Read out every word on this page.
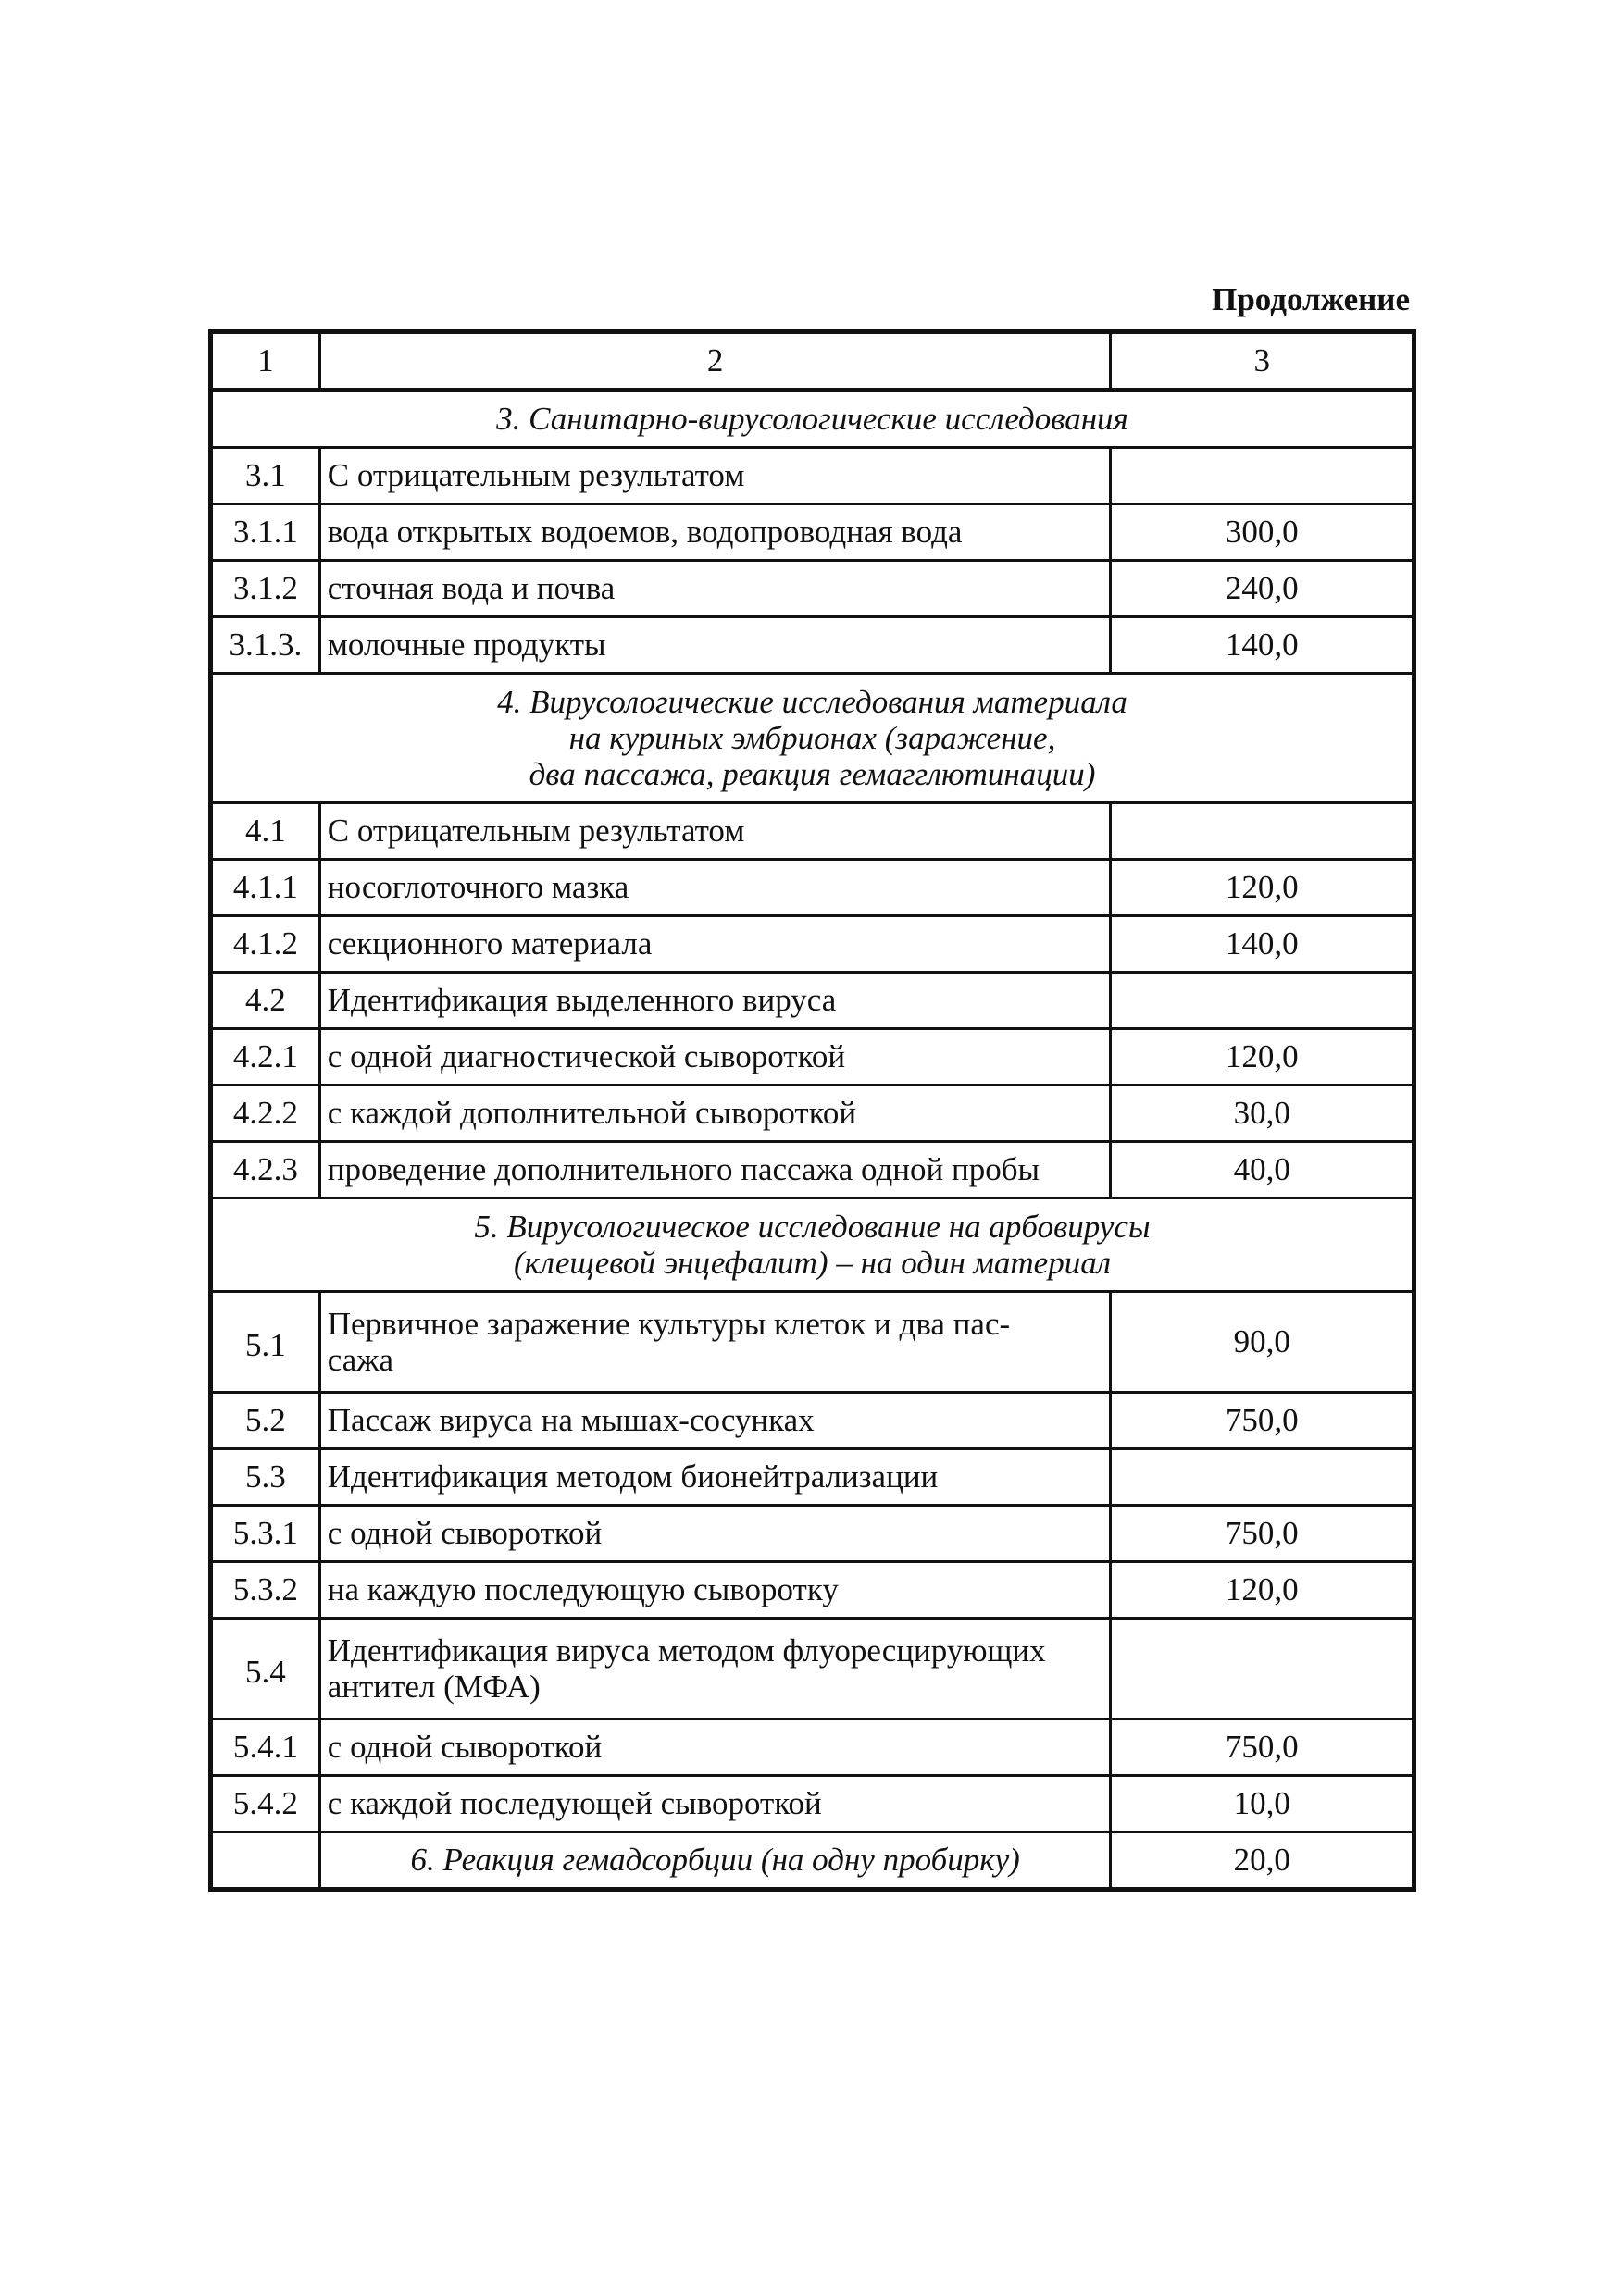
Продолжение
1	2	3
3. Санитарно-вирусологические исследования		
3.1	С отрицательным результатом	
3.1.1	вода открытых водоемов, водопроводная вода	300,0
3.1.2	сточная вода и почва	240,0
3.1.3.	молочные продукты	140,0

4. Вирусологические исследования материала
на куриных эмбрионах (заражение,
два пассажа, реакция гемагглютинации)		

4.1	С отрицательным результатом	
4.1.1	носоглоточного мазка	120,0
4.1.2	секционного материала	140,0
4.2	Идентификация выделенного вируса	
4.2.1	с одной диагностической сывороткой	120,0
4.2.2	с каждой дополнительной сывороткой	30,0
4.2.3	проведение дополнительного пассажа одной пробы	40,0

5. Вирусологическое исследование на арбовирусы
(клещевой энцефалит) – на один материал		

5.1	Первичное заражение культуры клеток и два пас-
сажа	90,0
5.2	Пассаж вируса на мышах-сосунках	750,0
5.3	Идентификация методом бионейтрализации	
5.3.1	с одной сывороткой	750,0
5.3.2	на каждую последующую сыворотку	120,0
5.4	Идентификация вируса методом флуоресцирующих
антител (МФА)	

5.4.1	с одной сывороткой	750,0
5.4.2	с каждой последующей сывороткой	10,0
	6. Реакция гемадсорбции (на одну пробирку)	20,0
